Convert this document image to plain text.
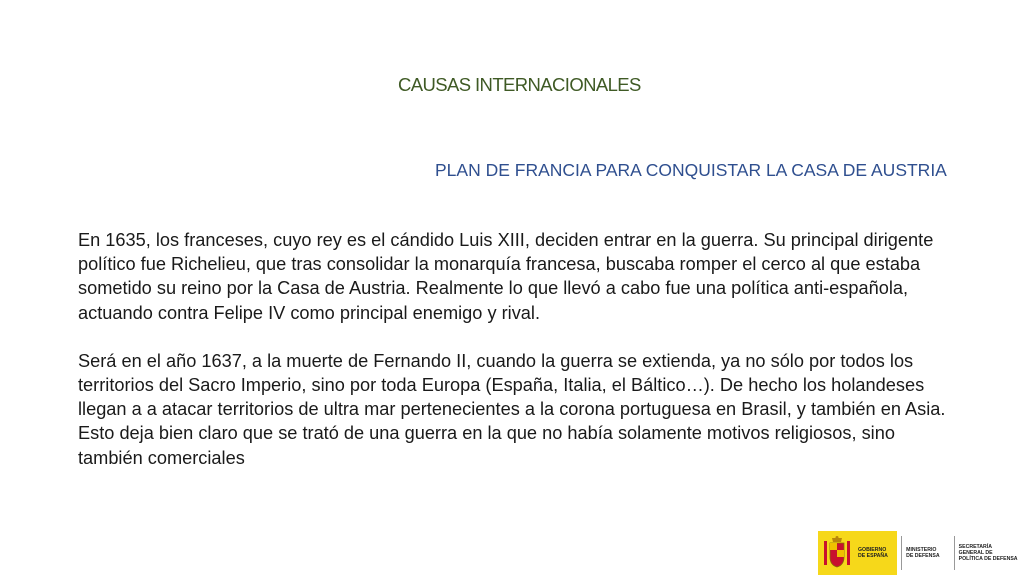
CAUSAS INTERNACIONALES
PLAN DE FRANCIA PARA CONQUISTAR LA CASA DE AUSTRIA

En 1635, los franceses, cuyo rey es el cándido Luis XIII, deciden entrar en la guerra. Su principal dirigente político fue Richelieu, que tras consolidar la monarquía francesa, buscaba romper el cerco al que estaba sometido su reino por la Casa de Austria. Realmente lo que llevó a cabo fue una política anti-española, actuando contra Felipe IV como principal enemigo y rival.

Será en el año 1637, a la muerte de Fernando II, cuando la guerra se extienda, ya no sólo por todos los territorios del Sacro Imperio, sino por toda Europa (España, Italia, el Báltico…). De hecho los holandeses llegan a a atacar territorios de ultra mar pertenecientes a la corona portuguesa en Brasil, y también en Asia. Esto deja bien claro que se trató de una guerra en la que no había solamente motivos religiosos, sino también comerciales

GOBIERNO
DE ESPAÑA
MINISTERIO
DE DEFENSA
SECRETARÍA GENERAL DE
POLÍTICA DE DEFENSA
